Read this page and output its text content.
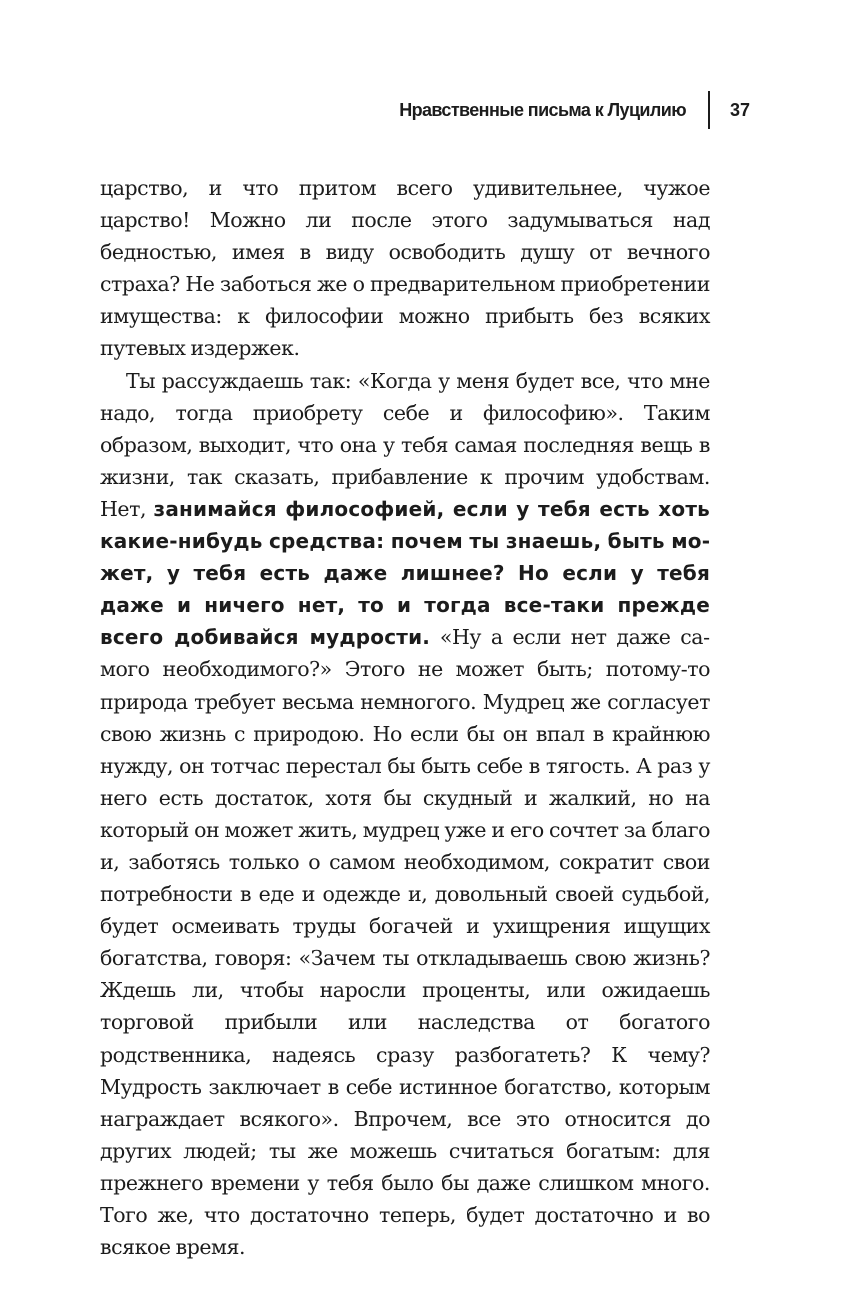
Нравственные письма к Луцилию 37

царство, и что притом всего удивительнее, чужое царство! Можно ли после этого задумываться над бедностью, имея в виду освободить душу от вечного страха? Не заботься же о предварительном приобретении имущества: к философии можно прибыть без всяких путевых издержек.

Ты рассуждаешь так: «Когда у меня будет все, что мне надо, тогда приобрету себе и философию». Таким образом, выходит, что она у тебя самая последняя вещь в жизни, так сказать, прибавление к прочим удобствам. Нет, занимайся философией, если у тебя есть хоть какие-нибудь средства: почем ты знаешь, быть может, у тебя есть даже лишнее? Но если у тебя даже и ничего нет, то и тогда все-таки прежде всего добивайся мудрости. «Ну а если нет даже самого необходимого?» Этого не может быть; потому-то природа требует весьма немногого. Мудрец же согласует свою жизнь с природою. Но если бы он впал в крайнюю нужду, он тотчас перестал бы быть себе в тягость. А раз у него есть достаток, хотя бы скудный и жалкий, но на который он может жить, мудрец уже и его сочтет за благо и, заботясь только о самом необходимом, сократит свои потребности в еде и одежде и, довольный своей судьбой, будет осмеивать труды богачей и ухищрения ищущих богатства, говоря: «Зачем ты откладываешь свою жизнь? Ждешь ли, чтобы наросли проценты, или ожидаешь торговой прибыли или наследства от богатого родственника, надеясь сразу разбогатеть? К чему? Мудрость заключает в себе истинное богатство, которым награждает всякого». Впрочем, все это относится до других людей; ты же можешь считаться богатым: для прежнего времени у тебя было бы даже слишком много. Того же, что достаточно теперь, будет достаточно и во всякое время.
